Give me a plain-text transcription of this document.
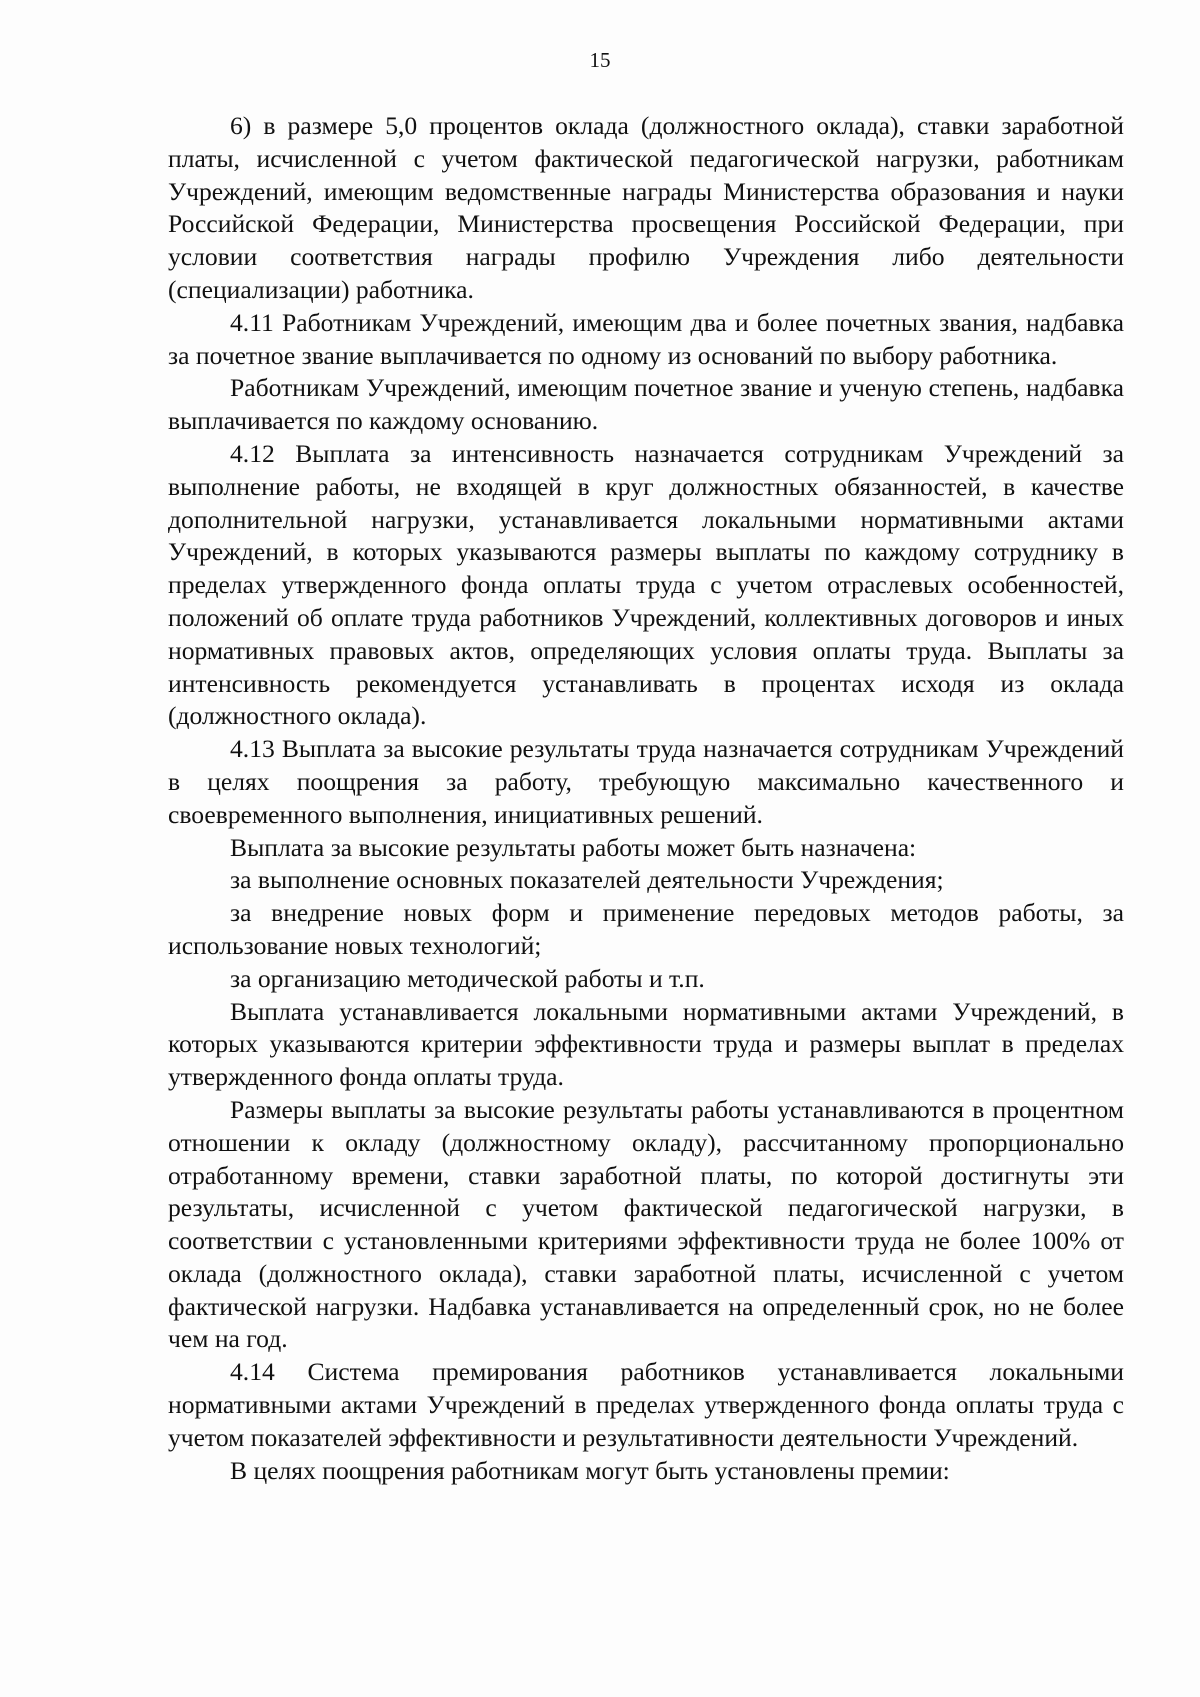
15

6) в размере 5,0 процентов оклада (должностного оклада), ставки заработной платы, исчисленной с учетом фактической педагогической нагрузки, работникам Учреждений, имеющим ведомственные награды Министерства образования и науки Российской Федерации, Министерства просвещения Российской Федерации, при условии соответствия награды профилю Учреждения либо деятельности (специализации) работника.

4.11 Работникам Учреждений, имеющим два и более почетных звания, надбавка за почетное звание выплачивается по одному из оснований по выбору работника.

Работникам Учреждений, имеющим почетное звание и ученую степень, надбавка выплачивается по каждому основанию.

4.12 Выплата за интенсивность назначается сотрудникам Учреждений за выполнение работы, не входящей в круг должностных обязанностей, в качестве дополнительной нагрузки, устанавливается локальными нормативными актами Учреждений, в которых указываются размеры выплаты по каждому сотруднику в пределах утвержденного фонда оплаты труда с учетом отраслевых особенностей, положений об оплате труда работников Учреждений, коллективных договоров и иных нормативных правовых актов, определяющих условия оплаты труда. Выплаты за интенсивность рекомендуется устанавливать в процентах исходя из оклада (должностного оклада).

4.13 Выплата за высокие результаты труда назначается сотрудникам Учреждений в целях поощрения за работу, требующую максимально качественного и своевременного выполнения, инициативных решений.

Выплата за высокие результаты работы может быть назначена:

за выполнение основных показателей деятельности Учреждения;

за внедрение новых форм и применение передовых методов работы, за использование новых технологий;

за организацию методической работы и т.п.

Выплата устанавливается локальными нормативными актами Учреждений, в которых указываются критерии эффективности труда и размеры выплат в пределах утвержденного фонда оплаты труда.

Размеры выплаты за высокие результаты работы устанавливаются в процентном отношении к окладу (должностному окладу), рассчитанному пропорционально отработанному времени, ставки заработной платы, по которой достигнуты эти результаты, исчисленной с учетом фактической педагогической нагрузки, в соответствии с установленными критериями эффективности труда не более 100% от оклада (должностного оклада), ставки заработной платы, исчисленной с учетом фактической нагрузки. Надбавка устанавливается на определенный срок, но не более чем на год.

4.14 Система премирования работников устанавливается локальными нормативными актами Учреждений в пределах утвержденного фонда оплаты труда с учетом показателей эффективности и результативности деятельности Учреждений.

В целях поощрения работникам могут быть установлены премии:
